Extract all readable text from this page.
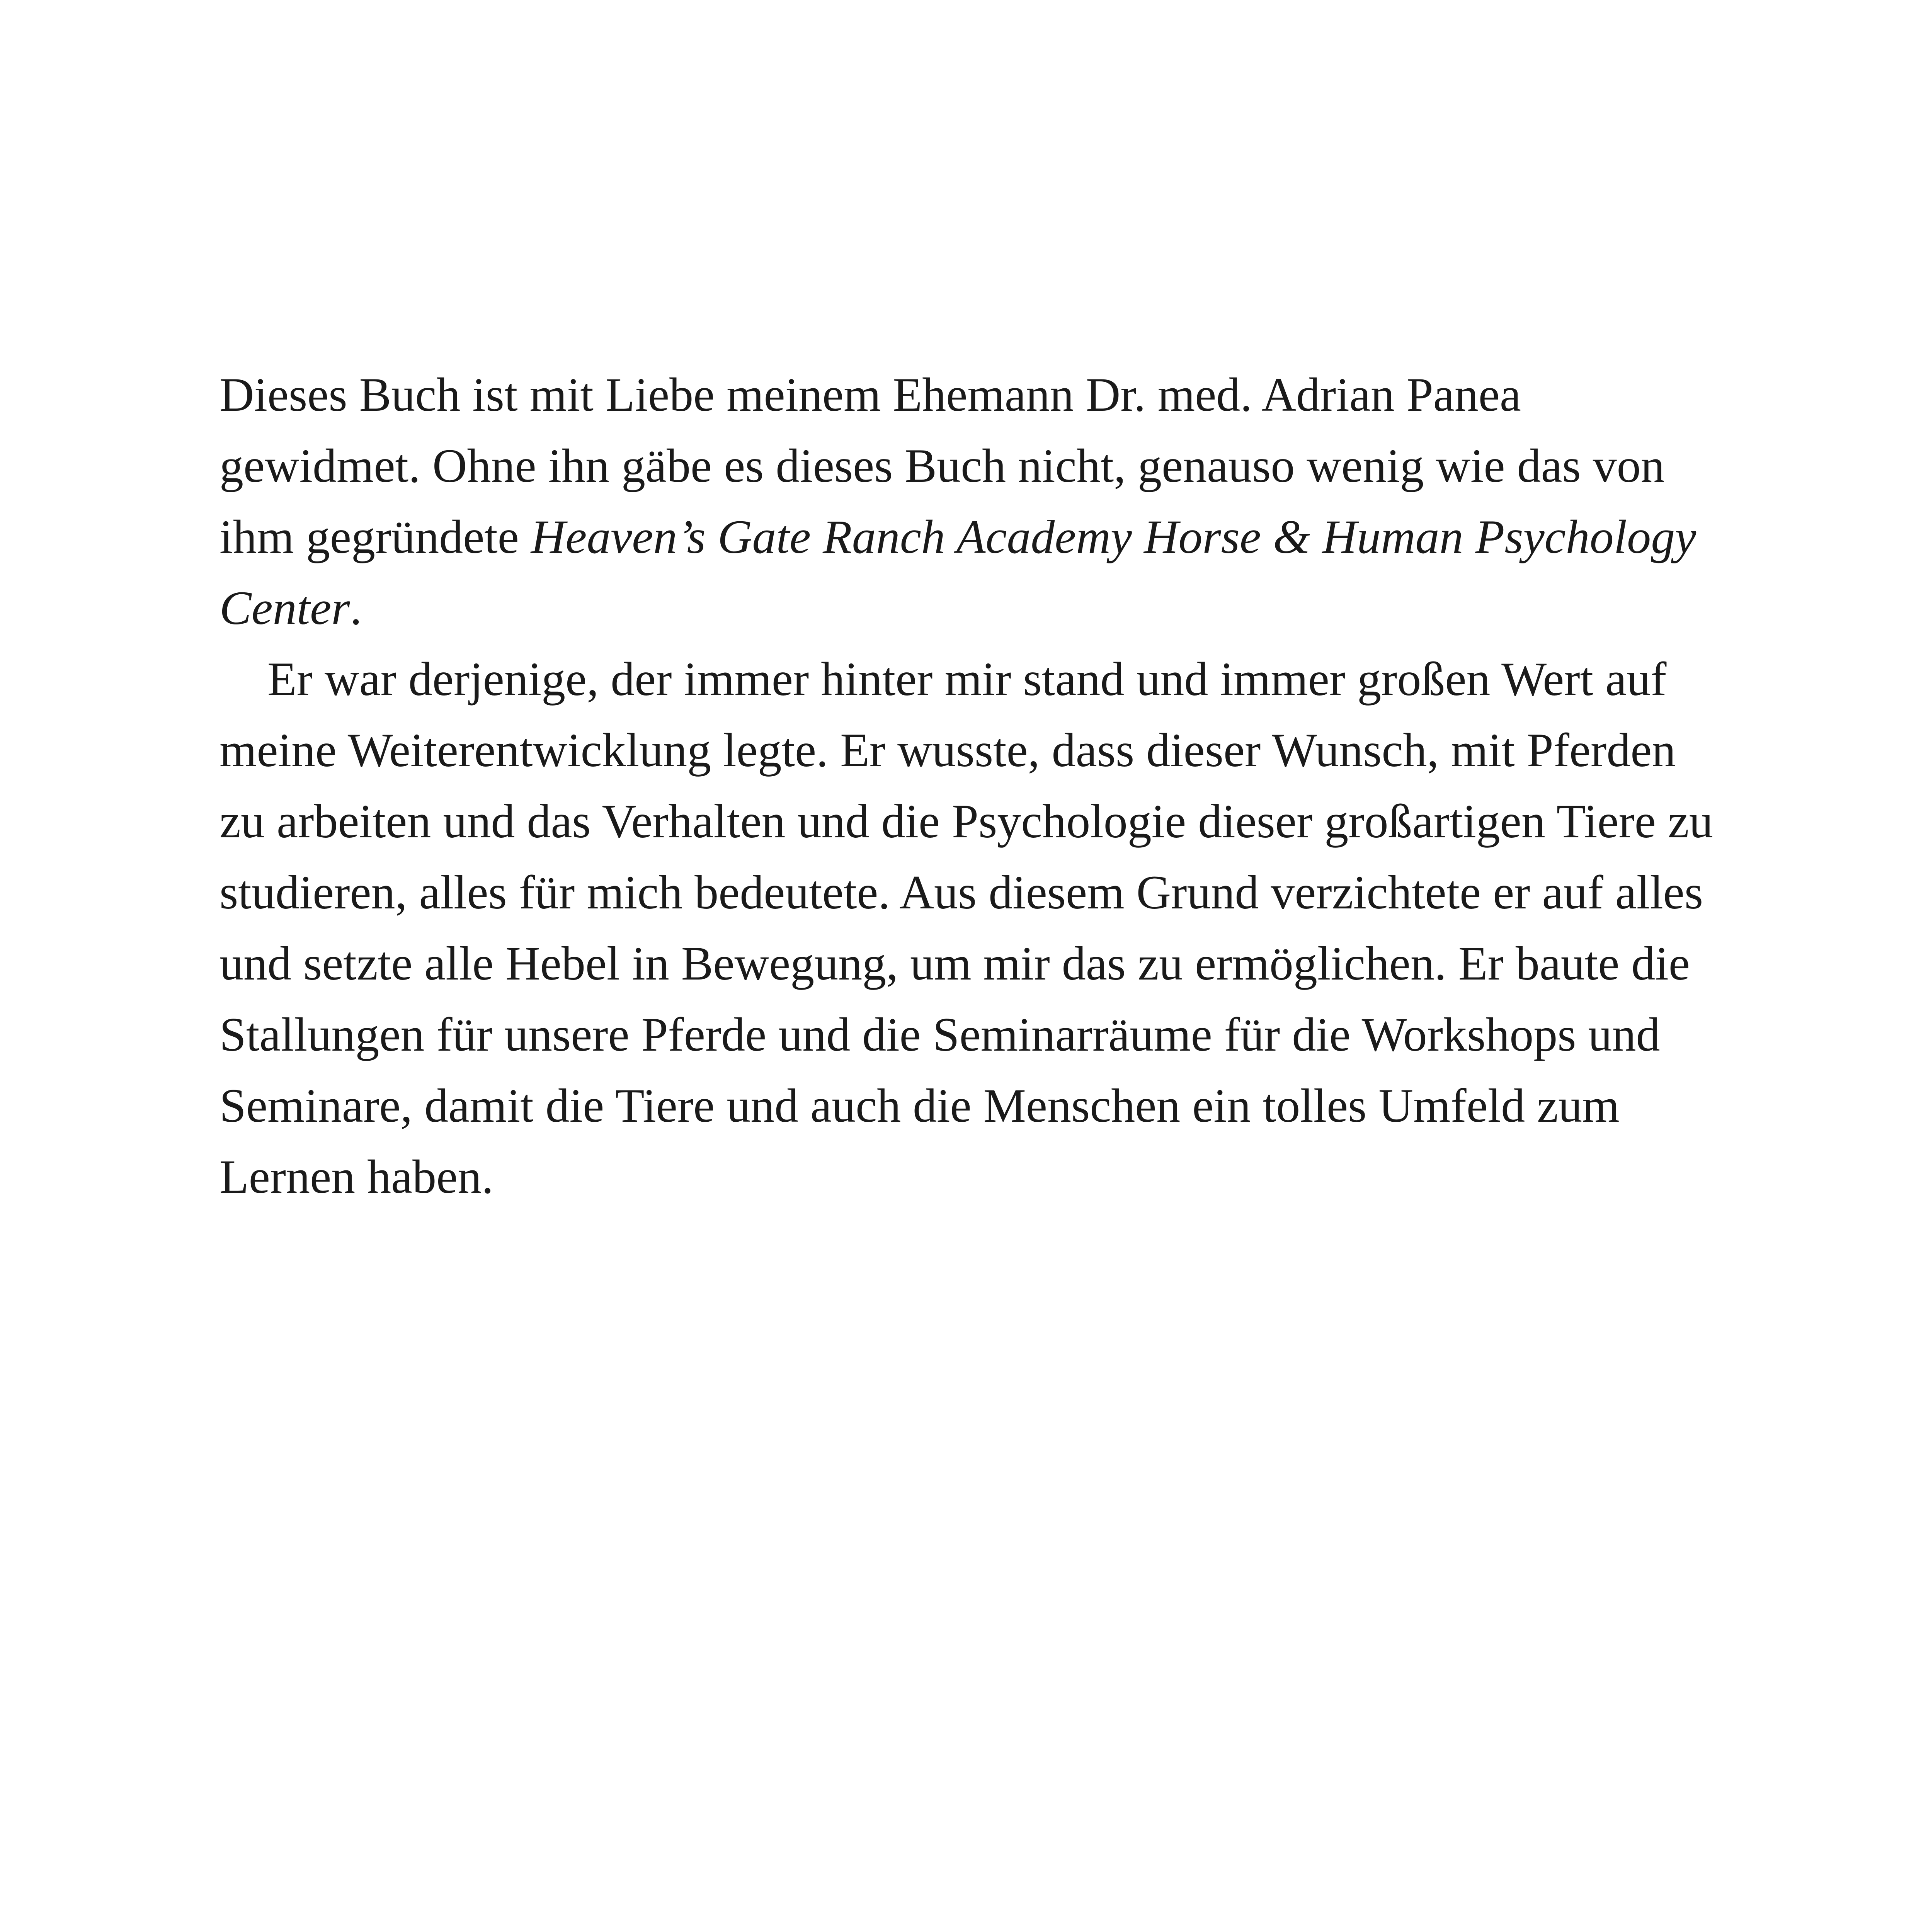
Dieses Buch ist mit Liebe meinem Ehemann Dr. med. Adrian Panea gewidmet. Ohne ihn gäbe es dieses Buch nicht, genauso wenig wie das von ihm gegründete Heaven’s Gate Ranch Academy Horse & Human Psychology Center.

Er war derjenige, der immer hinter mir stand und immer großen Wert auf meine Weiterentwicklung legte. Er wusste, dass dieser Wunsch, mit Pferden zu arbeiten und das Verhalten und die Psychologie dieser großartigen Tiere zu studieren, alles für mich bedeutete. Aus diesem Grund verzichtete er auf alles und setzte alle Hebel in Bewegung, um mir das zu ermöglichen. Er baute die Stallungen für unsere Pferde und die Seminarräume für die Workshops und Seminare, damit die Tiere und auch die Menschen ein tolles Umfeld zum Lernen haben.
